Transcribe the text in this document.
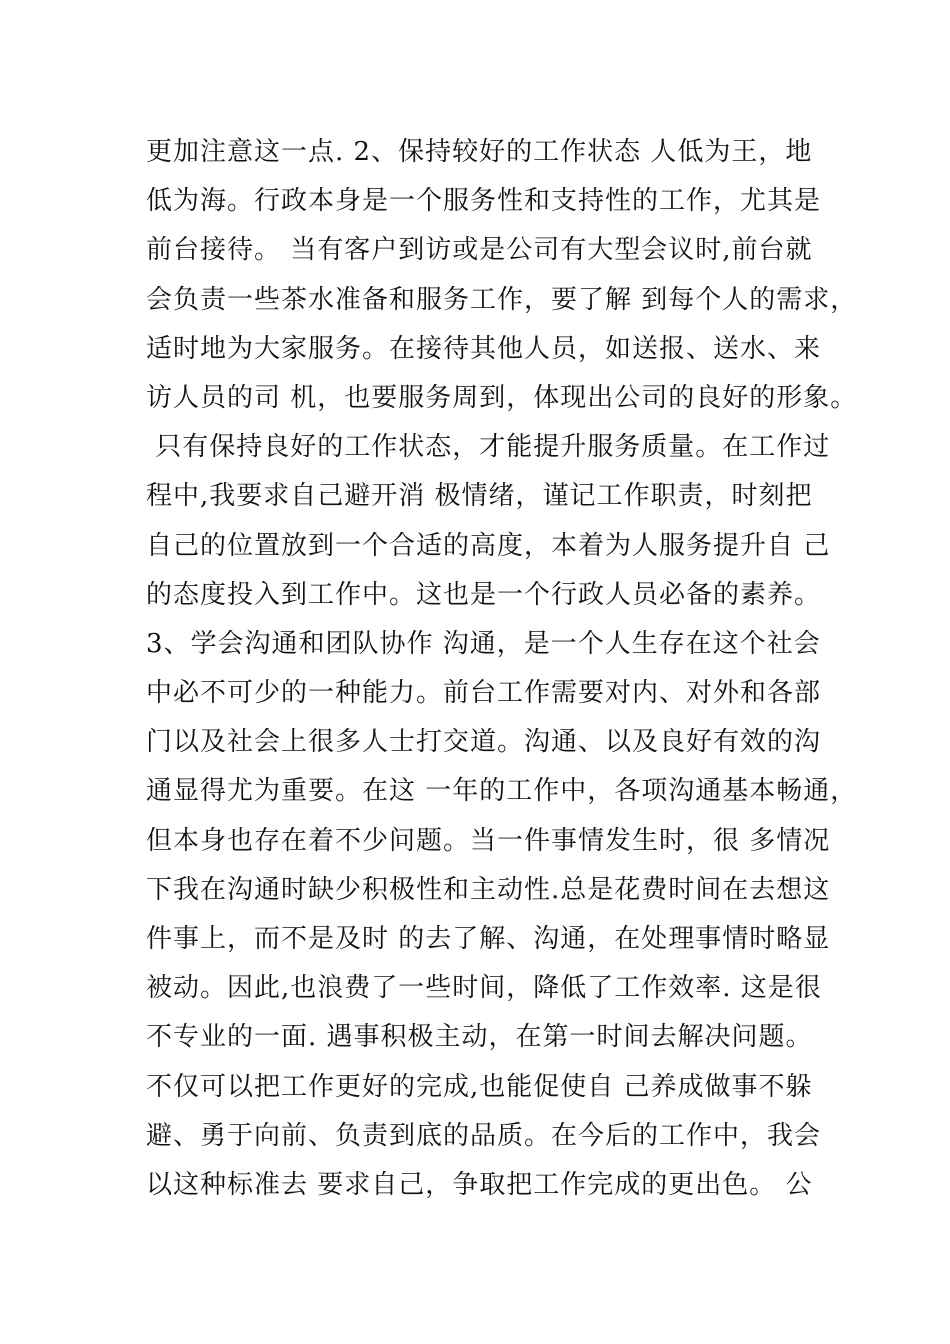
更加注意这一点. 2、保持较好的工作状态 人低为王，地
低为海。行政本身是一个服务性和支持性的工作，尤其是
前台接待。 当有客户到访或是公司有大型会议时,前台就
会负责一些茶水准备和服务工作，要了解 到每个人的需求，
适时地为大家服务。在接待其他人员，如送报、送水、来
访人员的司 机，也要服务周到，体现出公司的良好的形象。
只有保持良好的工作状态，才能提升服务质量。在工作过
程中,我要求自己避开消 极情绪，谨记工作职责，时刻把
自己的位置放到一个合适的高度，本着为人服务提升自 己
的态度投入到工作中。这也是一个行政人员必备的素养。
3、学会沟通和团队协作 沟通，是一个人生存在这个社会
中必不可少的一种能力。前台工作需要对内、对外和各部
门以及社会上很多人士打交道。沟通、以及良好有效的沟
通显得尤为重要。在这 一年的工作中，各项沟通基本畅通，
但本身也存在着不少问题。当一件事情发生时，很 多情况
下我在沟通时缺少积极性和主动性.总是花费时间在去想这
件事上，而不是及时 的去了解、沟通，在处理事情时略显
被动。因此,也浪费了一些时间，降低了工作效率. 这是很
不专业的一面. 遇事积极主动，在第一时间去解决问题。
不仅可以把工作更好的完成,也能促使自 己养成做事不躲
避、勇于向前、负责到底的品质。在今后的工作中，我会
以这种标准去 要求自己，争取把工作完成的更出色。 公
